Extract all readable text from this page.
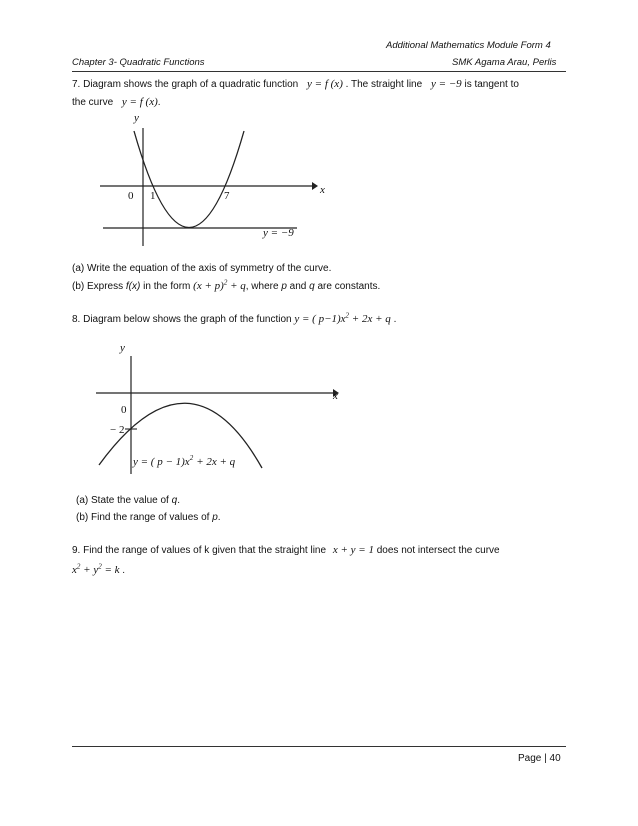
Additional Mathematics Module Form 4
Chapter 3- Quadratic Functions	SMK Agama Arau, Perlis
7. Diagram shows the graph of a quadratic function y = f (x) . The straight line y = −9 is tangent to
the curve y = f (x).
y
x
0 1	7
y = −9
(a) Write the equation of the axis of symmetry of the curve.
(b) Express f(x) in the form $(x + p)^2 + q$, where p and q are constants.
8. Diagram below shows the graph of the function y = ( $p-1)x^2 + 2x + q$ .
y
x
0
− 2
y = ( $p - 1)x^2 + 2x + q$
(a) State the value of q.
(b) Find the range of values of p.
9. Find the range of values of k given that the straight line x + y = 1 does not intersect the curve
$x^2 + y^2 = k$ .
Page | 40
